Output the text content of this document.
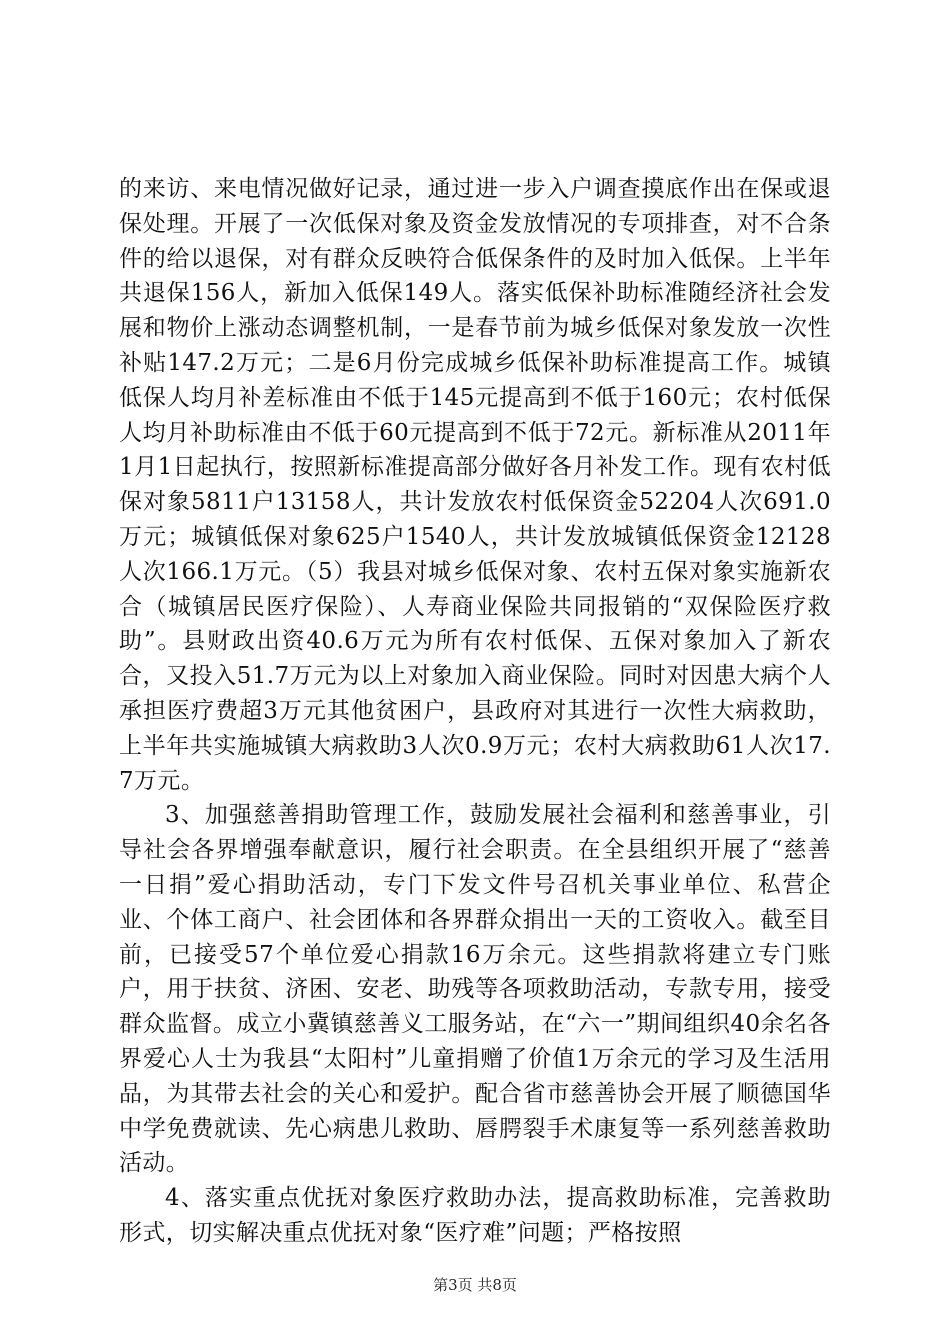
的来访、来电情况做好记录，通过进一步入户调查摸底作出在保或退保处理。开展了一次低保对象及资金发放情况的专项排查，对不合条件的给以退保，对有群众反映符合低保条件的及时加入低保。上半年共退保156人，新加入低保149人。落实低保补助标准随经济社会发展和物价上涨动态调整机制，一是春节前为城乡低保对象发放一次性补贴147.2万元；二是6月份完成城乡低保补助标准提高工作。城镇低保人均月补差标准由不低于145元提高到不低于160元；农村低保人均月补助标准由不低于60元提高到不低于72元。新标准从2011年1月1日起执行，按照新标准提高部分做好各月补发工作。现有农村低保对象5811户13158人，共计发放农村低保资金52204人次691.0万元；城镇低保对象625户1540人，共计发放城镇低保资金12128人次166.1万元。（5）我县对城乡低保对象、农村五保对象实施新农合（城镇居民医疗保险）、人寿商业保险共同报销的“双保险医疗救助”。县财政出资40.6万元为所有农村低保、五保对象加入了新农合，又投入51.7万元为以上对象加入商业保险。同时对因患大病个人承担医疗费超3万元其他贫困户，县政府对其进行一次性大病救助，上半年共实施城镇大病救助3人次0.9万元；农村大病救助61人次17.7万元。

3、加强慈善捐助管理工作，鼓励发展社会福利和慈善事业，引导社会各界增强奉献意识，履行社会职责。在全县组织开展了“慈善一日捐”爱心捐助活动，专门下发文件号召机关事业单位、私营企业、个体工商户、社会团体和各界群众捐出一天的工资收入。截至目前，已接受57个单位爱心捐款16万余元。这些捐款将建立专门账户，用于扶贫、济困、安老、助残等各项救助活动，专款专用，接受群众监督。成立小冀镇慈善义工服务站，在“六一”期间组织40余名各界爱心人士为我县“太阳村”儿童捐赠了价值1万余元的学习及生活用品，为其带去社会的关心和爱护。配合省市慈善协会开展了顺德国华中学免费就读、先心病患儿救助、唇腭裂手术康复等一系列慈善救助活动。

4、落实重点优抚对象医疗救助办法，提高救助标准，完善救助形式，切实解决重点优抚对象“医疗难”问题；严格按照

第3页 共8页
